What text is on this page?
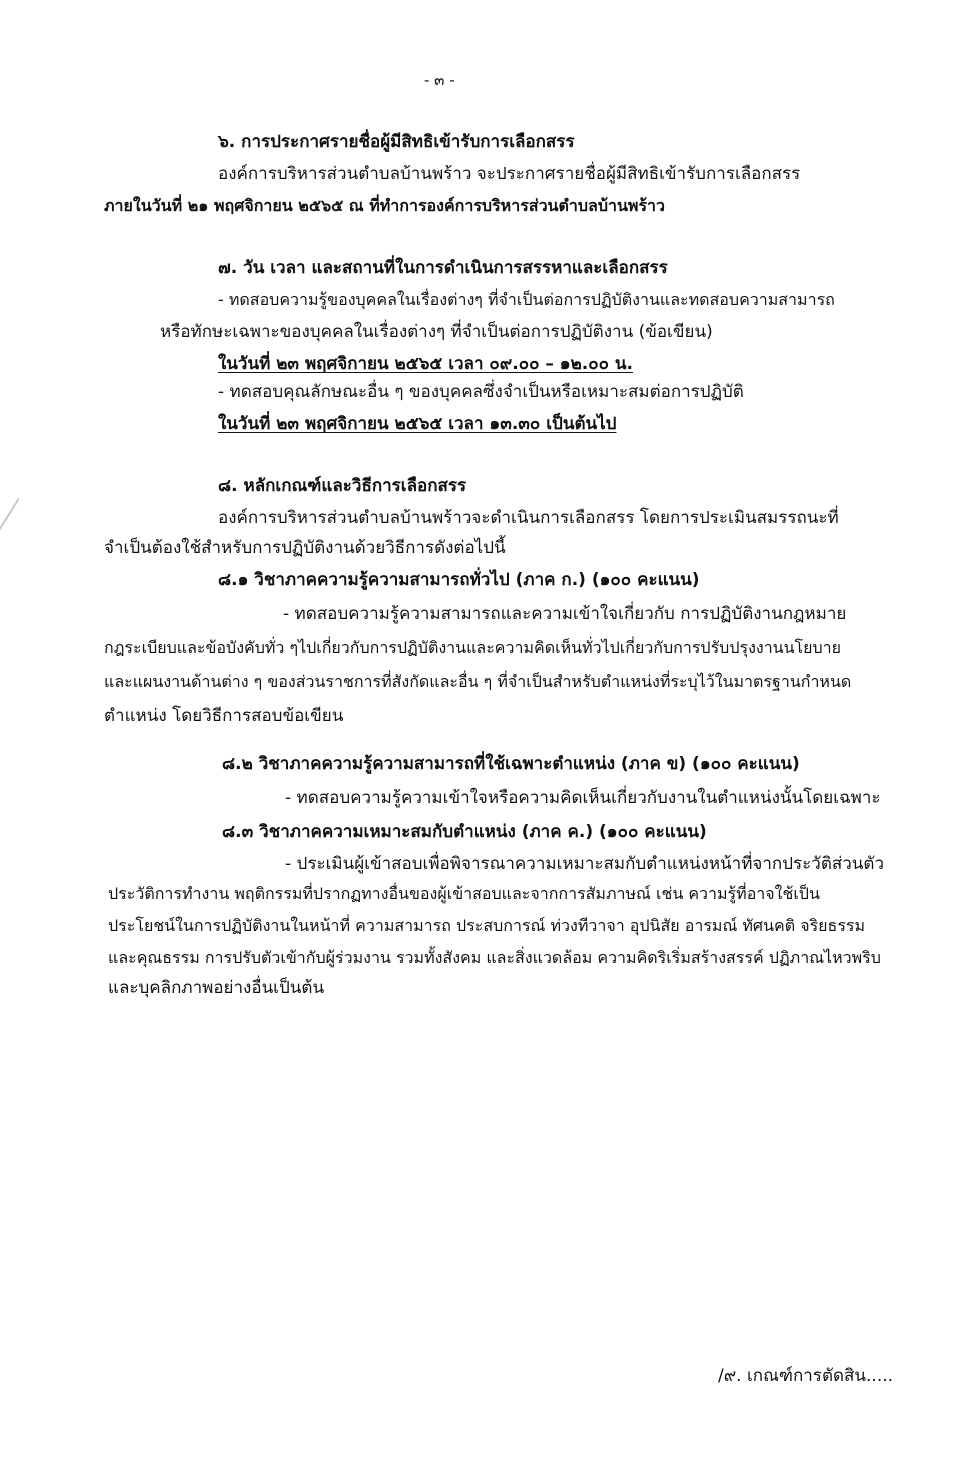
- ๓ -
๖. การประกาศรายชื่อผู้มีสิทธิเข้ารับการเลือกสรร
องค์การบริหารส่วนตำบลบ้านพร้าว จะประกาศรายชื่อผู้มีสิทธิเข้ารับการเลือกสรร
ภายในวันที่ ๒๑ พฤศจิกายน ๒๕๖๕ ณ ที่ทำการองค์การบริหารส่วนตำบลบ้านพร้าว
๗. วัน เวลา และสถานที่ในการดำเนินการสรรหาและเลือกสรร
- ทดสอบความรู้ของบุคคลในเรื่องต่างๆ ที่จำเป็นต่อการปฏิบัติงานและทดสอบความสามารถ
หรือทักษะเฉพาะของบุคคลในเรื่องต่างๆ ที่จำเป็นต่อการปฏิบัติงาน (ข้อเขียน)
ในวันที่ ๒๓ พฤศจิกายน ๒๕๖๕ เวลา ๐๙.๐๐ – ๑๒.๐๐ น.
- ทดสอบคุณลักษณะอื่น ๆ ของบุคคลซึ่งจำเป็นหรือเหมาะสมต่อการปฏิบัติ
ในวันที่ ๒๓ พฤศจิกายน ๒๕๖๕ เวลา ๑๓.๓๐ เป็นต้นไป
๘. หลักเกณฑ์และวิธีการเลือกสรร
องค์การบริหารส่วนตำบลบ้านพร้าวจะดำเนินการเลือกสรร โดยการประเมินสมรรถนะที่
จำเป็นต้องใช้สำหรับการปฏิบัติงานด้วยวิธีการดังต่อไปนี้
๘.๑ วิชาภาคความรู้ความสามารถทั่วไป (ภาค ก.) (๑๐๐ คะแนน)
- ทดสอบความรู้ความสามารถและความเข้าใจเกี่ยวกับ การปฏิบัติงานกฎหมาย
กฎระเบียบและข้อบังคับทั่ว ๆไปเกี่ยวกับการปฏิบัติงานและความคิดเห็นทั่วไปเกี่ยวกับการปรับปรุงงานนโยบาย
และแผนงานด้านต่าง ๆ ของส่วนราชการที่สังกัดและอื่น ๆ ที่จำเป็นสำหรับตำแหน่งที่ระบุไว้ในมาตรฐานกำหนด
ตำแหน่ง โดยวิธีการสอบข้อเขียน
๘.๒ วิชาภาคความรู้ความสามารถที่ใช้เฉพาะตำแหน่ง (ภาค ข) (๑๐๐ คะแนน)
- ทดสอบความรู้ความเข้าใจหรือความคิดเห็นเกี่ยวกับงานในตำแหน่งนั้นโดยเฉพาะ
๘.๓ วิชาภาคความเหมาะสมกับตำแหน่ง (ภาค ค.) (๑๐๐ คะแนน)
- ประเมินผู้เข้าสอบเพื่อพิจารณาความเหมาะสมกับตำแหน่งหน้าที่จากประวัติส่วนตัว
ประวัติการทำงาน พฤติกรรมที่ปรากฏทางอื่นของผู้เข้าสอบและจากการสัมภาษณ์ เช่น ความรู้ที่อาจใช้เป็น
ประโยชน์ในการปฏิบัติงานในหน้าที่ ความสามารถ ประสบการณ์ ท่วงทีวาจา อุปนิสัย อารมณ์ ทัศนคติ จริยธรรม
และคุณธรรม การปรับตัวเข้ากับผู้ร่วมงาน รวมทั้งสังคม และสิ่งแวดล้อม ความคิดริเริ่มสร้างสรรค์ ปฏิภาณไหวพริบ
และบุคลิกภาพอย่างอื่นเป็นต้น
/๙. เกณฑ์การตัดสิน.....
